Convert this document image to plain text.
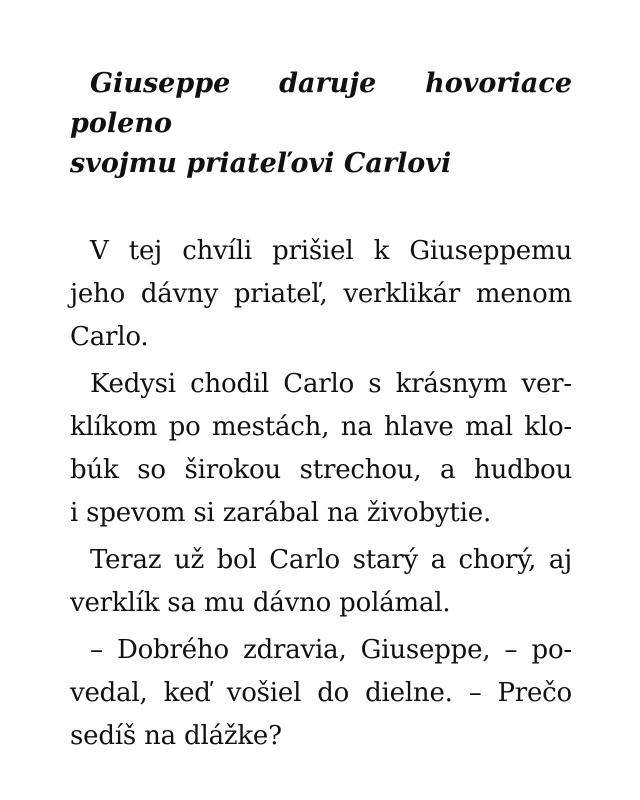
Giuseppe daruje hovoriace poleno
svojmu priateľovi Carlovi

V tej chvíli prišiel k Giuseppemu
jeho dávny priateľ, verklikár menom
Carlo.

Kedysi chodil Carlo s krásnym ver-
klíkom po mestách, na hlave mal klo-
búk so širokou strechou, a hudbou
i spevom si zarábal na živobytie.

Teraz už bol Carlo starý a chorý, aj
verklík sa mu dávno polámal.

– Dobrého zdravia, Giuseppe, – po-
vedal, keď vošiel do dielne. – Prečo
sedíš na dlážke?
